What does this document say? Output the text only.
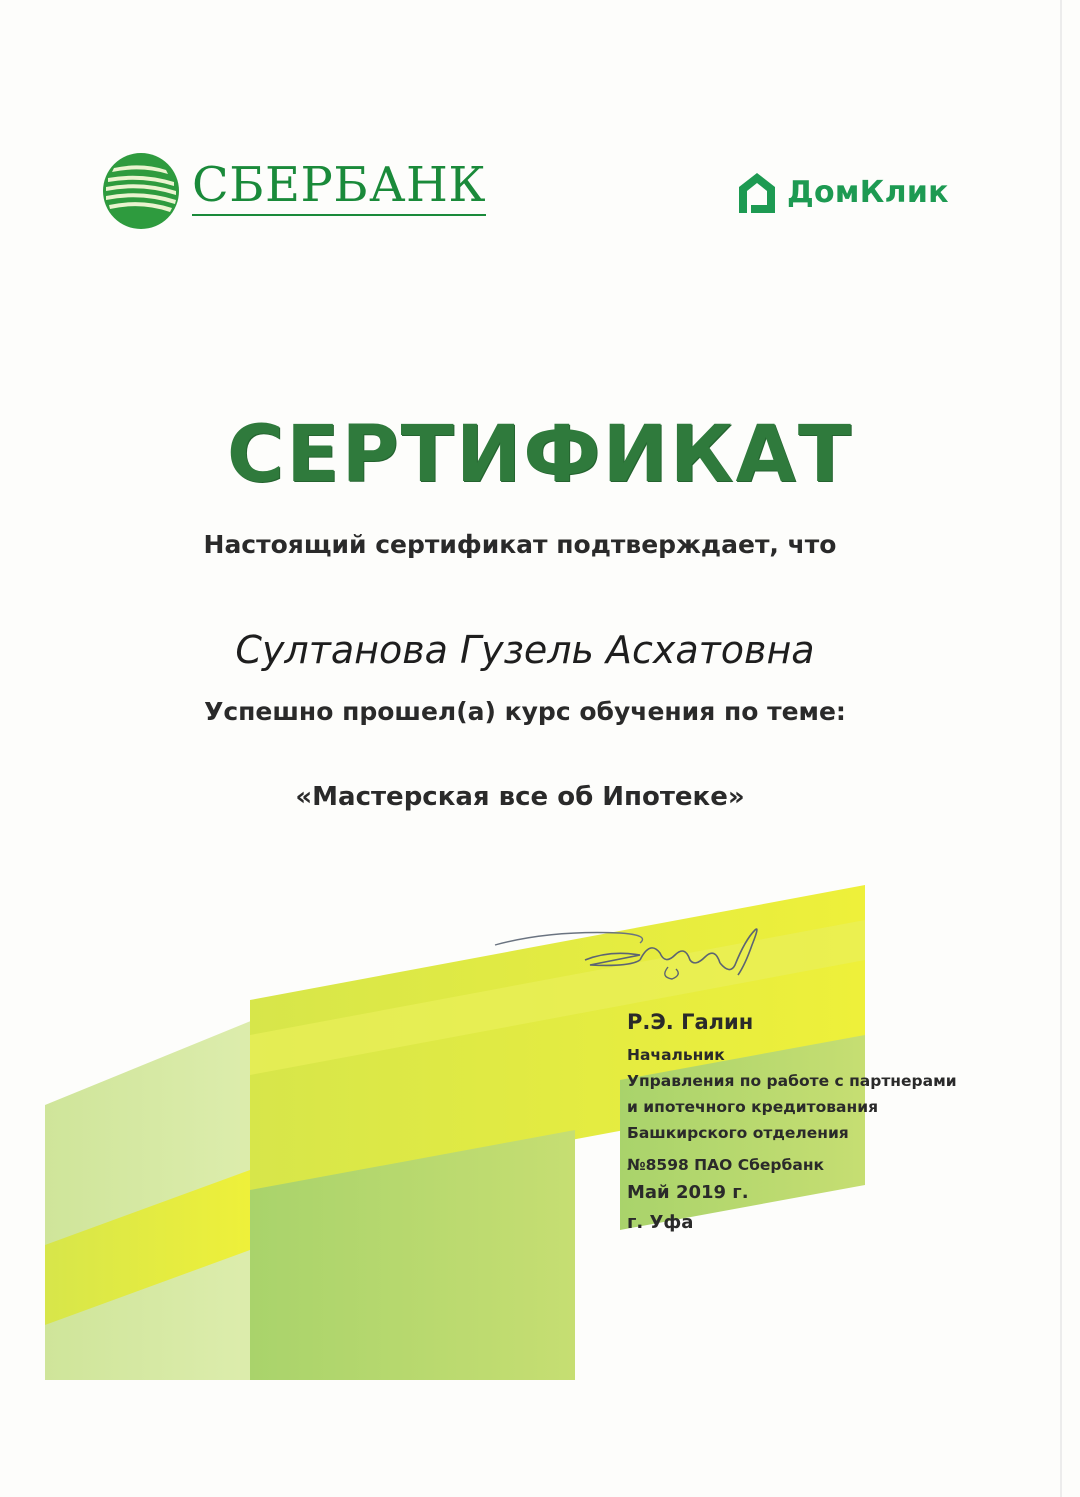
СБЕРБАНК	ДомКлик
СЕРТИФИКАТ
Настоящий сертификат подтверждает, что
Султанова Гузель Асхатовна
Успешно прошел(а) курс обучения по теме:
«Мастерская все об Ипотеке»
Р.Э. Галин
Начальник
Управления по работе с партнерами
и ипотечного кредитования
Башкирского отделения
№8598 ПАО Сбербанк
Май 2019 г.
г. Уфа
